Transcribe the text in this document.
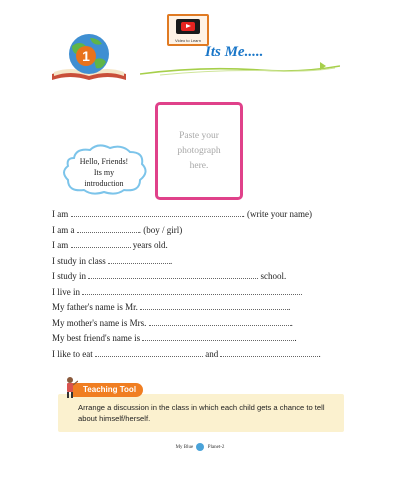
Video to Learn
1	Its Me.....
Paste your
photograph
here.
Hello, Friends!
Its my
introduction
I am	. (write your name)
I am a	. (boy / girl)
I am	years old.
I study in class	.
I study in	school.
I live in
My father's name is Mr.	.
My mother's name is Mrs.	.
My best friend's name is	.
I like to eat	and	.
Teaching Tool
Arrange a discussion in the class in which each child gets a chance to tell about himself/herself.
My Blue	Planet-2
